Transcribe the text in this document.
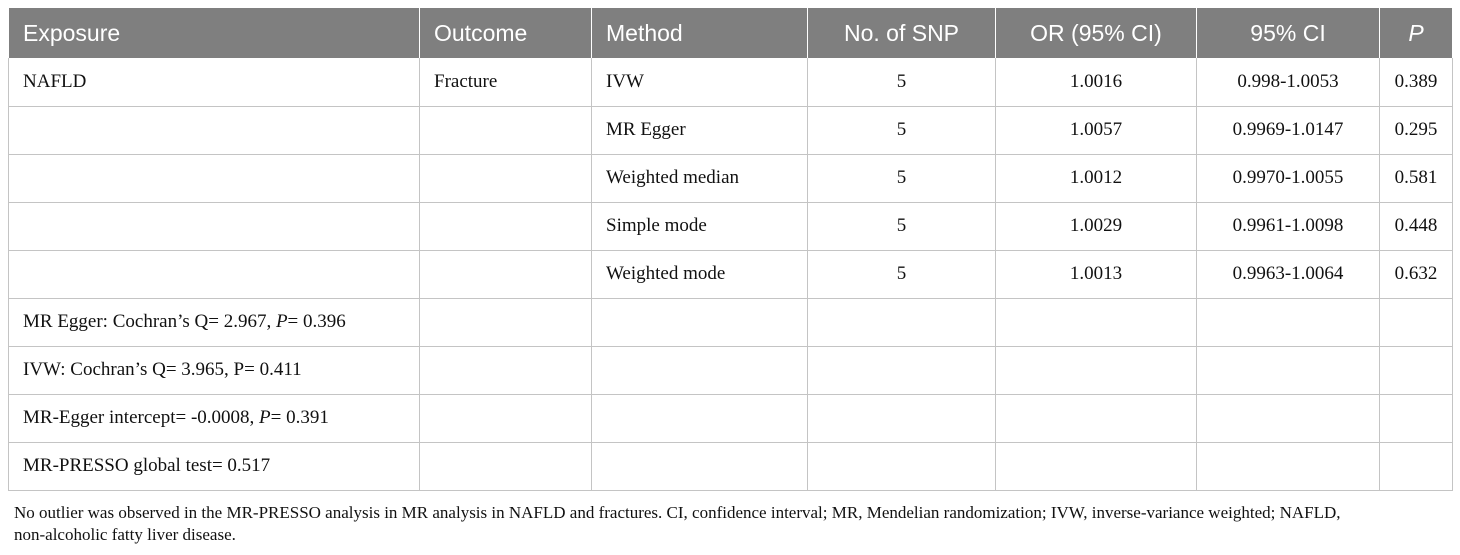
Exposure	Outcome	Method	No. of SNP	OR (95% CI)	95% CI	P
NAFLD	Fracture	IVW	5	1.0016	0.998-1.0053	0.389
		MR Egger	5	1.0057	0.9969-1.0147	0.295
		Weighted median	5	1.0012	0.9970-1.0055	0.581
		Simple mode	5	1.0029	0.9961-1.0098	0.448
		Weighted mode	5	1.0013	0.9963-1.0064	0.632
MR Egger: Cochran’s Q= 2.967, P= 0.396						
IVW: Cochran’s Q= 3.965, P= 0.411						
MR-Egger intercept= -0.0008, P= 0.391						
MR-PRESSO global test= 0.517						
No outlier was observed in the MR-PRESSO analysis in MR analysis in NAFLD and fractures. CI, confidence interval; MR, Mendelian randomization; IVW, inverse-variance weighted; NAFLD,
non-alcoholic fatty liver disease.
